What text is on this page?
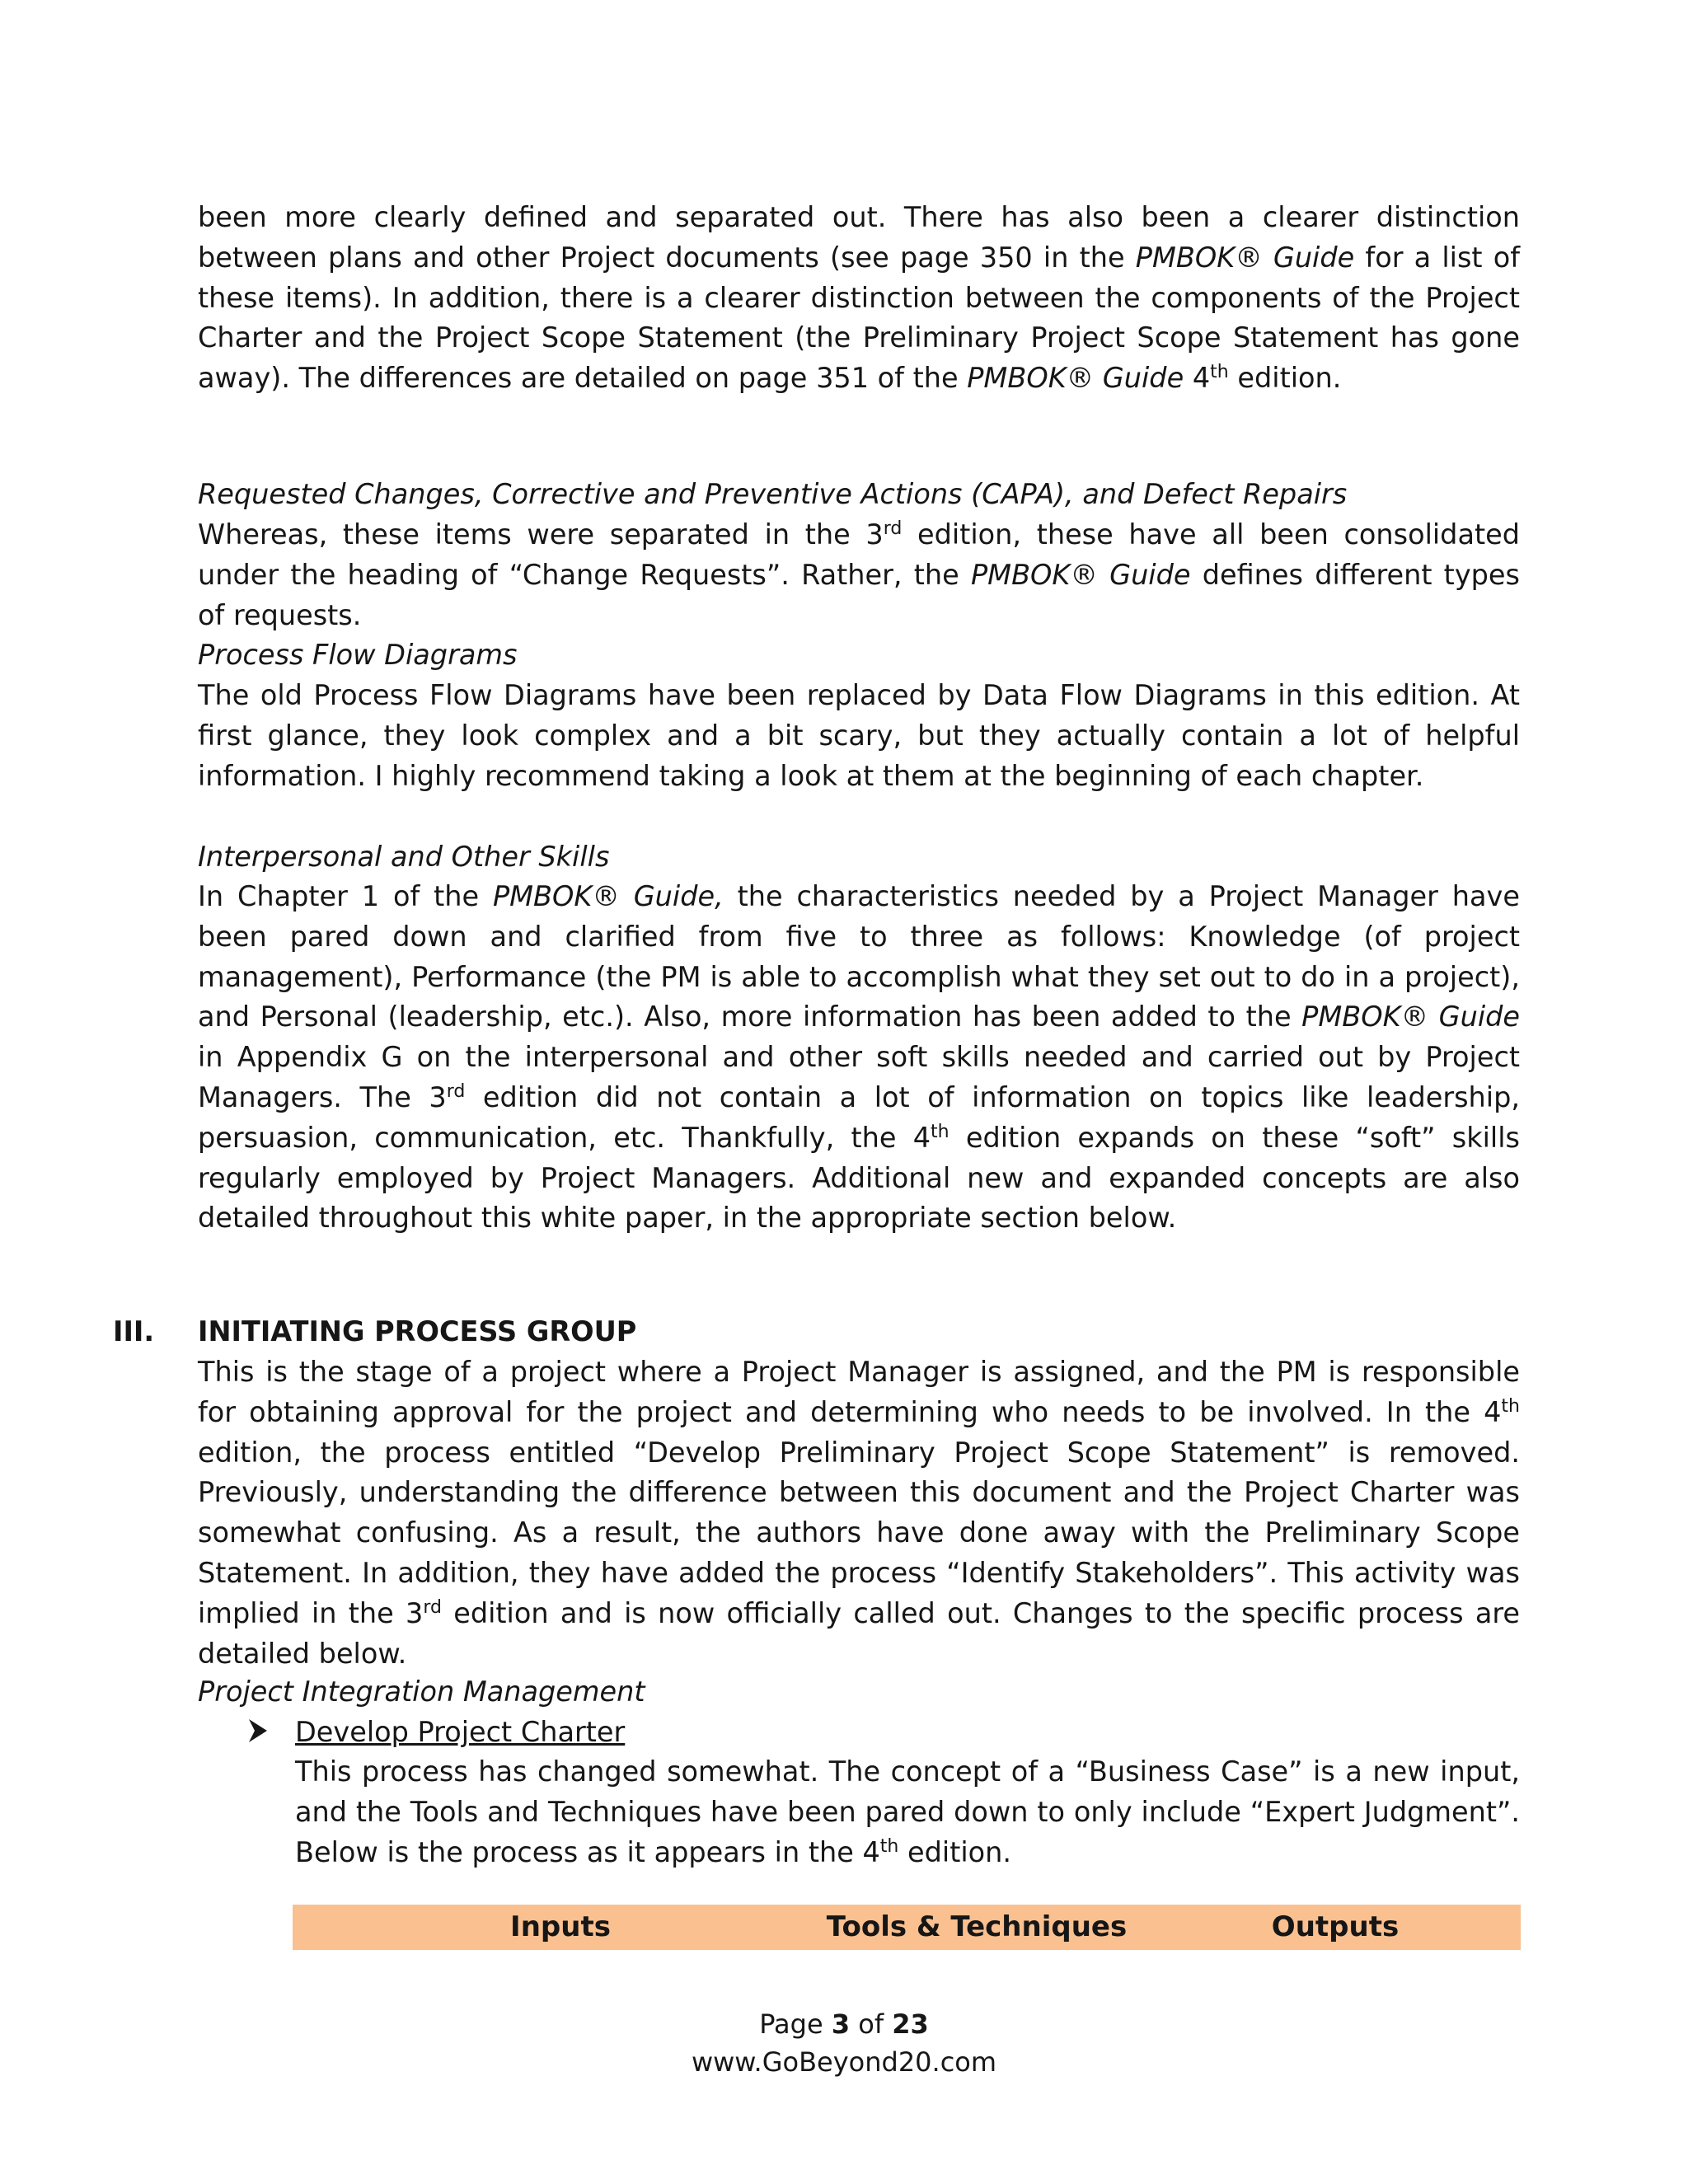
been more clearly defined and separated out. There has also been a clearer distinction between plans and other Project documents (see page 350 in the PMBOK® Guide for a list of these items). In addition, there is a clearer distinction between the components of the Project Charter and the Project Scope Statement (the Preliminary Project Scope Statement has gone away). The differences are detailed on page 351 of the PMBOK® Guide 4th edition.
Requested Changes, Corrective and Preventive Actions (CAPA), and Defect Repairs
Whereas, these items were separated in the 3rd edition, these have all been consolidated under the heading of “Change Requests”. Rather, the PMBOK® Guide defines different types of requests.
Process Flow Diagrams
The old Process Flow Diagrams have been replaced by Data Flow Diagrams in this edition. At first glance, they look complex and a bit scary, but they actually contain a lot of helpful information. I highly recommend taking a look at them at the beginning of each chapter.
Interpersonal and Other Skills
In Chapter 1 of the PMBOK® Guide, the characteristics needed by a Project Manager have been pared down and clarified from five to three as follows: Knowledge (of project management), Performance (the PM is able to accomplish what they set out to do in a project), and Personal (leadership, etc.). Also, more information has been added to the PMBOK® Guide in Appendix G on the interpersonal and other soft skills needed and carried out by Project Managers. The 3rd edition did not contain a lot of information on topics like leadership, persuasion, communication, etc. Thankfully, the 4th edition expands on these “soft” skills regularly employed by Project Managers. Additional new and expanded concepts are also detailed throughout this white paper, in the appropriate section below.
III. INITIATING PROCESS GROUP
This is the stage of a project where a Project Manager is assigned, and the PM is responsible for obtaining approval for the project and determining who needs to be involved. In the 4th edition, the process entitled “Develop Preliminary Project Scope Statement” is removed. Previously, understanding the difference between this document and the Project Charter was somewhat confusing. As a result, the authors have done away with the Preliminary Scope Statement. In addition, they have added the process “Identify Stakeholders”. This activity was implied in the 3rd edition and is now officially called out. Changes to the specific process are detailed below.
Project Integration Management
Develop Project Charter
This process has changed somewhat. The concept of a “Business Case” is a new input, and the Tools and Techniques have been pared down to only include “Expert Judgment”. Below is the process as it appears in the 4th edition.
Inputs	Tools & Techniques	Outputs
Page 3 of 23
www.GoBeyond20.com
